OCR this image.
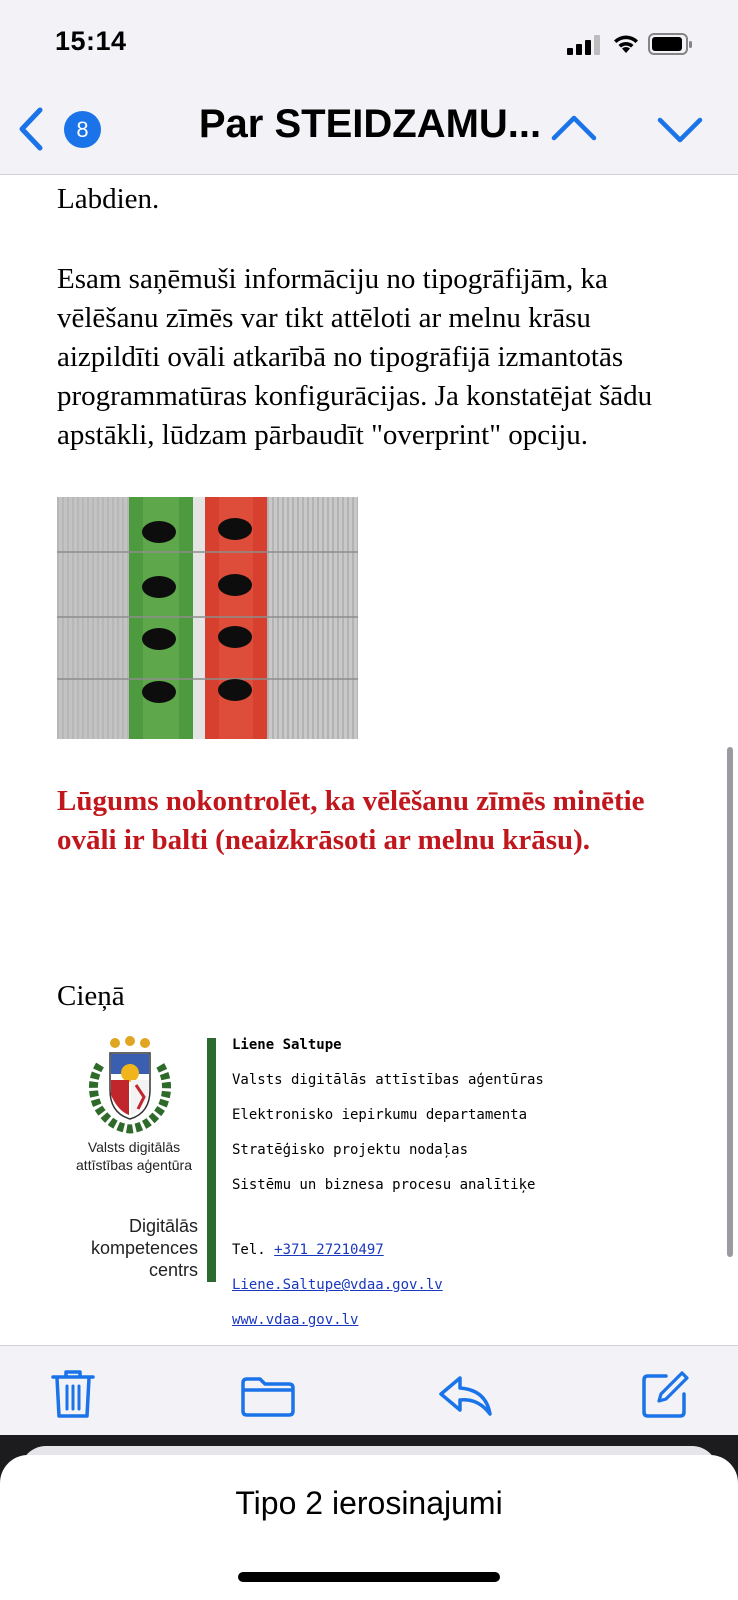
15:14
8	Par STEIDZAMU...
Labdien.
Esam saņēmuši informāciju no tipogrāfijām, ka vēlēšanu zīmēs var tikt attēloti ar melnu krāsu aizpildīti ovāli atkarībā no tipogrāfijā izmantotās programmatūras konfigurācijas. Ja konstatējat šādu apstākli, lūdzam pārbaudīt "overprint" opciju.
Lūgums nokontrolēt, ka vēlēšanu zīmēs minētie ovāli ir balti (neaizkrāsoti ar melnu krāsu).
Cieņā
Valsts digitālās
attīstības aģentūra
Digitālās
kompetences
centrs
Liene Saltupe
Valsts digitālās attīstības aģentūras
Elektronisko iepirkumu departamenta
Stratēģisko projektu nodaļas
Sistēmu un biznesa procesu analītiķe
Tel. +371 27210497
Liene.Saltupe@vdaa.gov.lv
www.vdaa.gov.lv
Tipo 2 ierosinajumi
